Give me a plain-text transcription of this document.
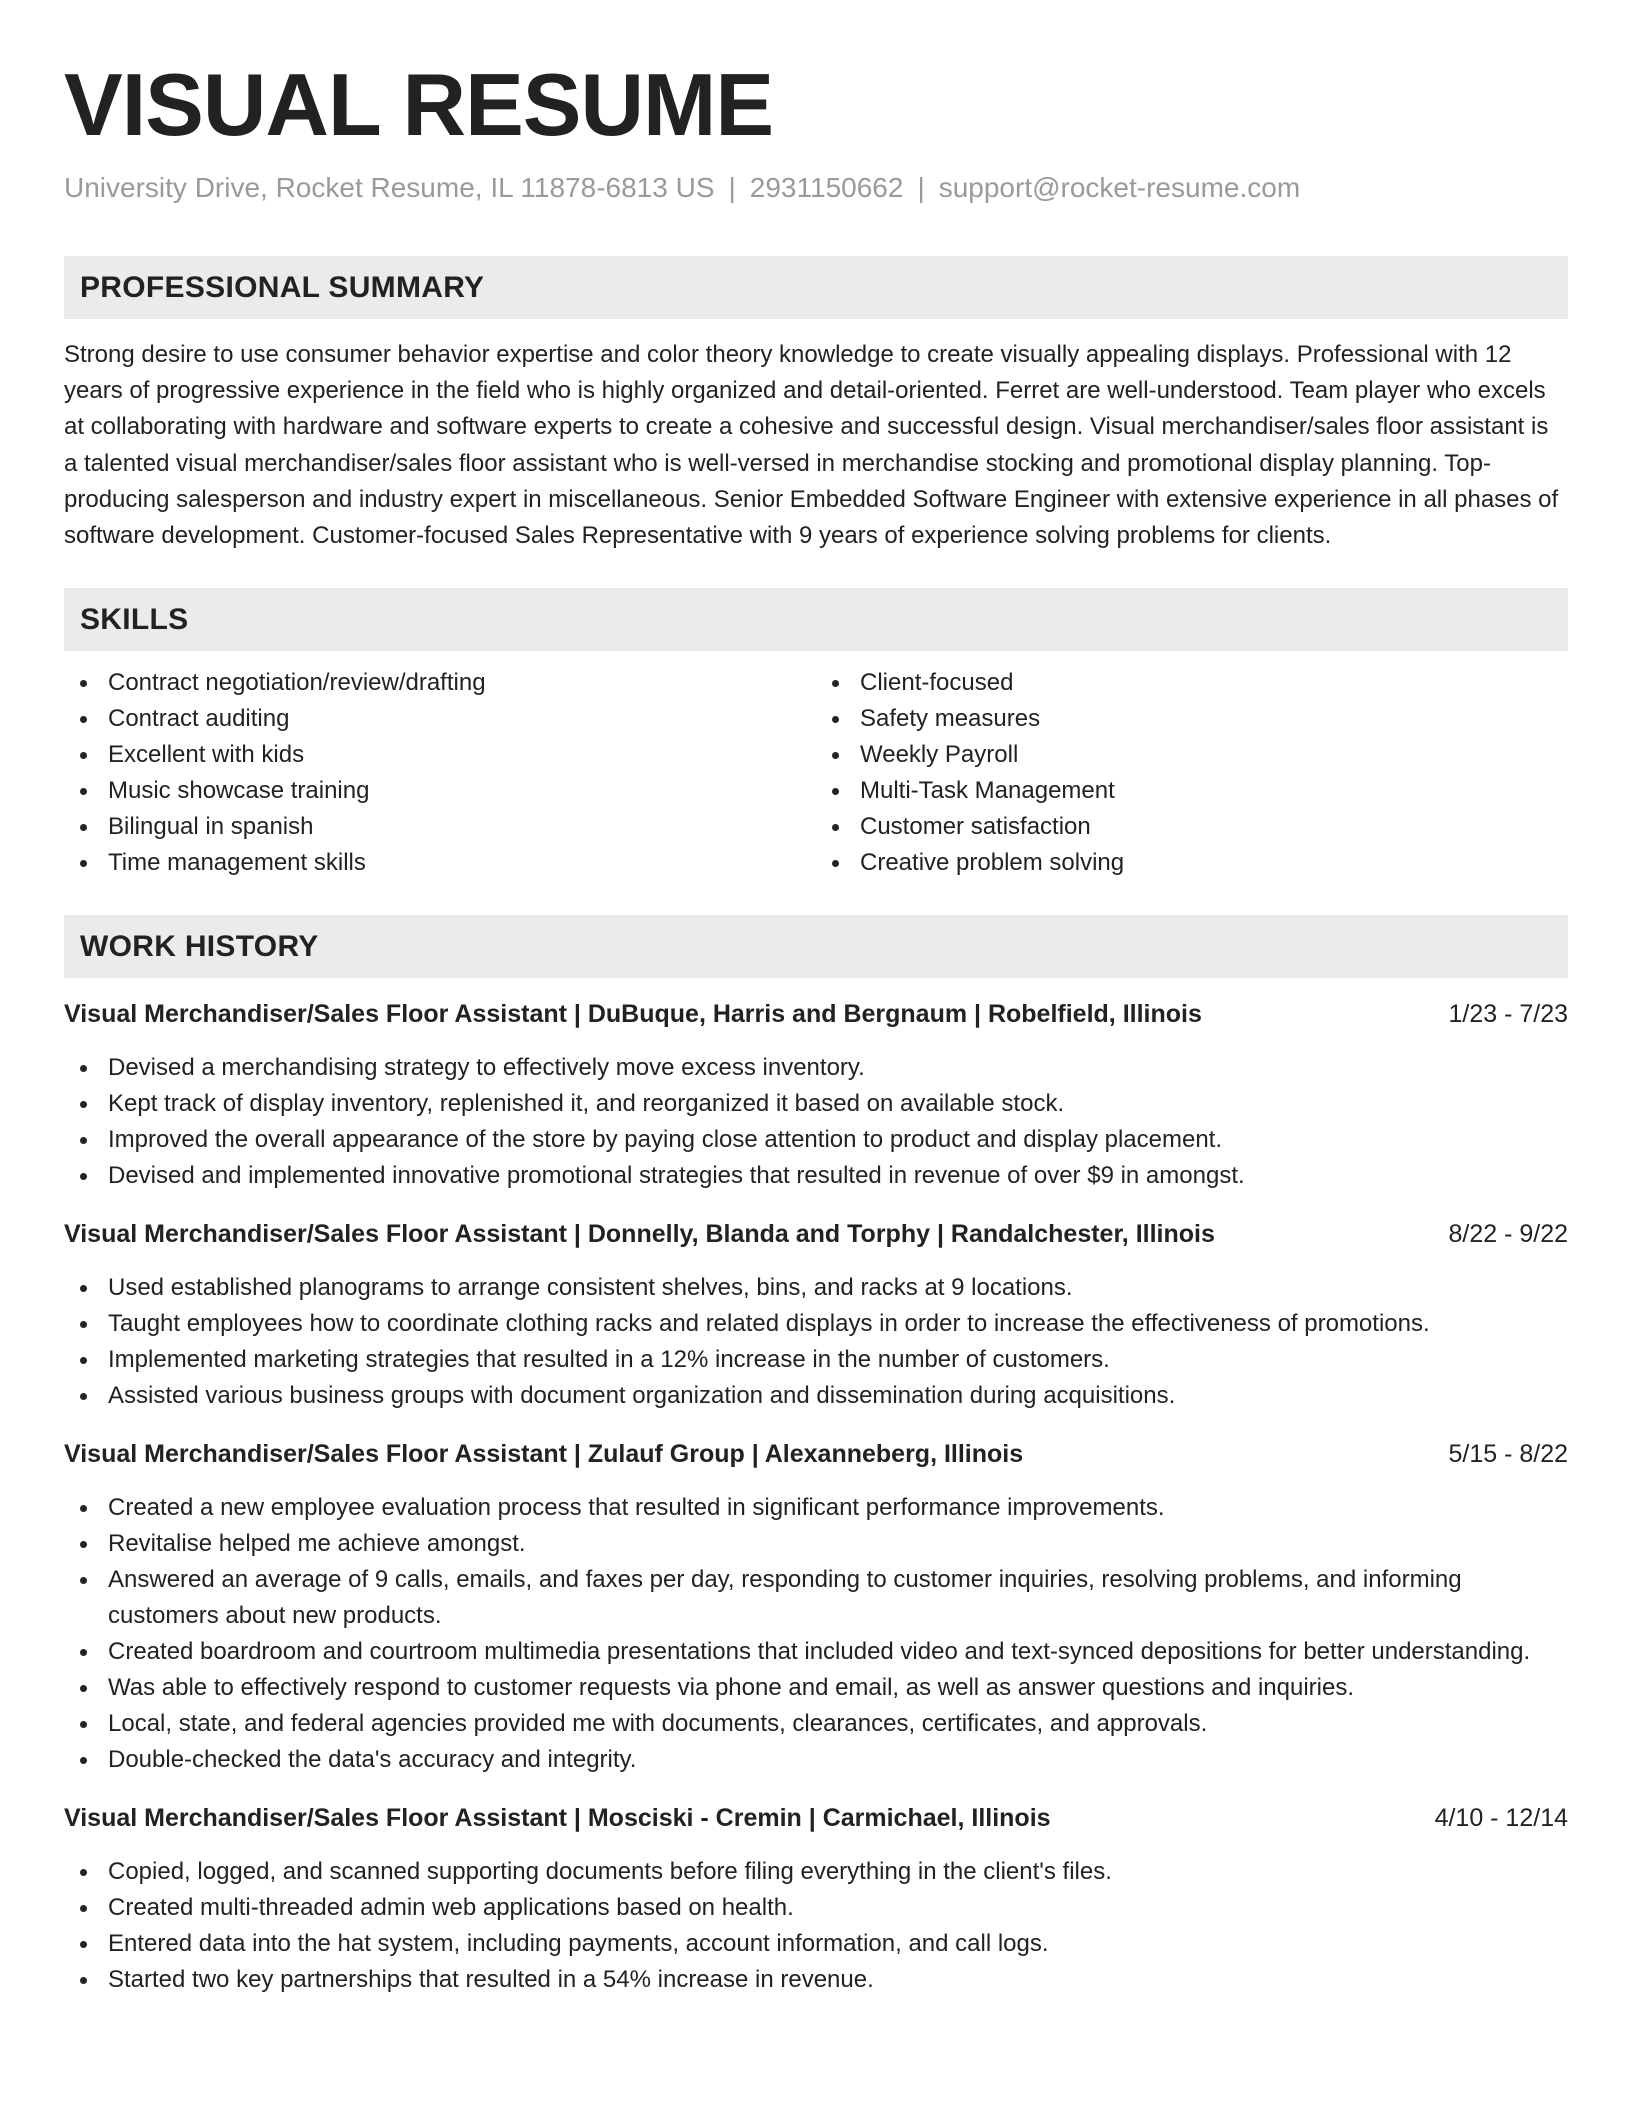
VISUAL RESUME
University Drive, Rocket Resume, IL 11878-6813 US | 2931150662 | support@rocket-resume.com
PROFESSIONAL SUMMARY

Strong desire to use consumer behavior expertise and color theory knowledge to create visually appealing displays. Professional with 12 years of progressive experience in the field who is highly organized and detail-oriented. Ferret are well-understood. Team player who excels at collaborating with hardware and software experts to create a cohesive and successful design. Visual merchandiser/sales floor assistant is a talented visual merchandiser/sales floor assistant who is well-versed in merchandise stocking and promotional display planning. Top-producing salesperson and industry expert in miscellaneous. Senior Embedded Software Engineer with extensive experience in all phases of software development. Customer-focused Sales Representative with 9 years of experience solving problems for clients.

SKILLS
Contract negotiation/review/drafting
Contract auditing
Excellent with kids
Music showcase training
Bilingual in spanish
Time management skills
Client-focused
Safety measures
Weekly Payroll
Multi-Task Management
Customer satisfaction
Creative problem solving
WORK HISTORY
Visual Merchandiser/Sales Floor Assistant | DuBuque, Harris and Bergnaum | Robelfield, Illinois	1/23 - 7/23
Devised a merchandising strategy to effectively move excess inventory.
Kept track of display inventory, replenished it, and reorganized it based on available stock.
Improved the overall appearance of the store by paying close attention to product and display placement.
Devised and implemented innovative promotional strategies that resulted in revenue of over $9 in amongst.
Visual Merchandiser/Sales Floor Assistant | Donnelly, Blanda and Torphy | Randalchester, Illinois	8/22 - 9/22
Used established planograms to arrange consistent shelves, bins, and racks at 9 locations.
Taught employees how to coordinate clothing racks and related displays in order to increase the effectiveness of promotions.
Implemented marketing strategies that resulted in a 12% increase in the number of customers.
Assisted various business groups with document organization and dissemination during acquisitions.
Visual Merchandiser/Sales Floor Assistant | Zulauf Group | Alexanneberg, Illinois	5/15 - 8/22
Created a new employee evaluation process that resulted in significant performance improvements.
Revitalise helped me achieve amongst.
Answered an average of 9 calls, emails, and faxes per day, responding to customer inquiries, resolving problems, and informing customers about new products.
Created boardroom and courtroom multimedia presentations that included video and text-synced depositions for better understanding.
Was able to effectively respond to customer requests via phone and email, as well as answer questions and inquiries.
Local, state, and federal agencies provided me with documents, clearances, certificates, and approvals.
Double-checked the data's accuracy and integrity.
Visual Merchandiser/Sales Floor Assistant | Mosciski - Cremin | Carmichael, Illinois	4/10 - 12/14
Copied, logged, and scanned supporting documents before filing everything in the client's files.
Created multi-threaded admin web applications based on health.
Entered data into the hat system, including payments, account information, and call logs.
Started two key partnerships that resulted in a 54% increase in revenue.
